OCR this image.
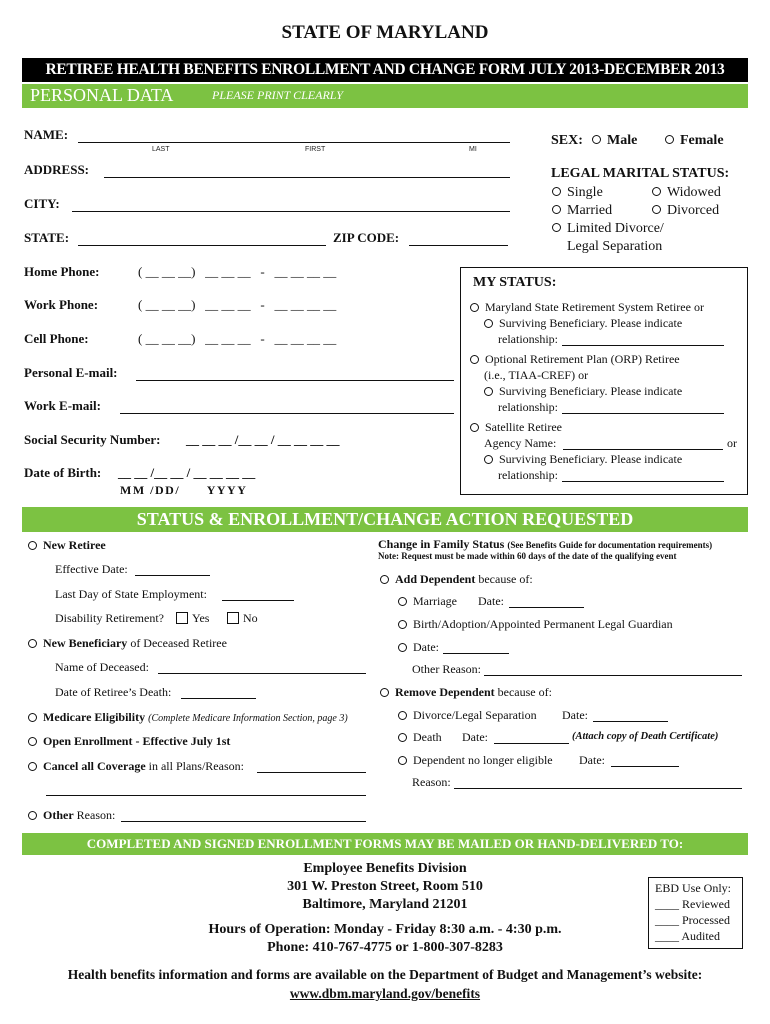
STATE OF MARYLAND
RETIREE HEALTH BENEFITS ENROLLMENT AND CHANGE FORM JULY 2013-DECEMBER 2013
PERSONAL DATA	PLEASE PRINT CLEARLY
NAME:
LAST	FIRST	MI
ADDRESS:
CITY:
STATE:	ZIP CODE:
Home Phone:	( __ __ __) __ __ __ - __ __ __ __
Work Phone:	( __ __ __) __ __ __ - __ __ __ __
Cell Phone:	( __ __ __) __ __ __ - __ __ __ __
Personal E-mail:
Work E-mail:
Social Security Number: __ __ __ /__ __ / __ __ __ __
Date of Birth: __ __ /__ __ / __ __ __ __
MM /DD/      YYYY
SEX:	Male	Female
LEGAL MARITAL STATUS:
Single	Widowed
Married	Divorced
Limited Divorce/
Legal Separation
MY STATUS:
Maryland State Retirement System Retiree or
Surviving Beneficiary. Please indicate
relationship:
Optional Retirement Plan (ORP) Retiree
(i.e., TIAA-CREF) or
Surviving Beneficiary. Please indicate
relationship:
Satellite Retiree
Agency Name:	or
Surviving Beneficiary. Please indicate
relationship:
STATUS & ENROLLMENT/CHANGE ACTION REQUESTED
New Retiree
Effective Date:
Last Day of State Employment:
Disability Retirement?	Yes	No
New Beneficiary of Deceased Retiree
Name of Deceased:
Date of Retiree’s Death:
Medicare Eligibility (Complete Medicare Information Section, page 3)
Open Enrollment - Effective July 1st
Cancel all Coverage in all Plans/Reason:
Other Reason:
Change in Family Status (See Benefits Guide for documentation requirements)
Note: Request must be made within 60 days of the date of the qualifying event
Add Dependent because of:
Marriage Date:
Birth/Adoption/Appointed Permanent Legal Guardian
Date:
Other Reason:
Remove Dependent because of:
Divorce/Legal Separation Date:
Death Date:	(Attach copy of Death Certificate)
Dependent no longer eligible Date:
Reason:
COMPLETED AND SIGNED ENROLLMENT FORMS MAY BE MAILED OR HAND-DELIVERED TO:
Employee Benefits Division
301 W. Preston Street, Room 510
Baltimore, Maryland 21201
Hours of Operation: Monday - Friday 8:30 a.m. - 4:30 p.m.
Phone: 410-767-4775 or 1-800-307-8283
EBD Use Only:
____ Reviewed
____ Processed
____ Audited
Health benefits information and forms are available on the Department of Budget and Management’s website:
www.dbm.maryland.gov/benefits
